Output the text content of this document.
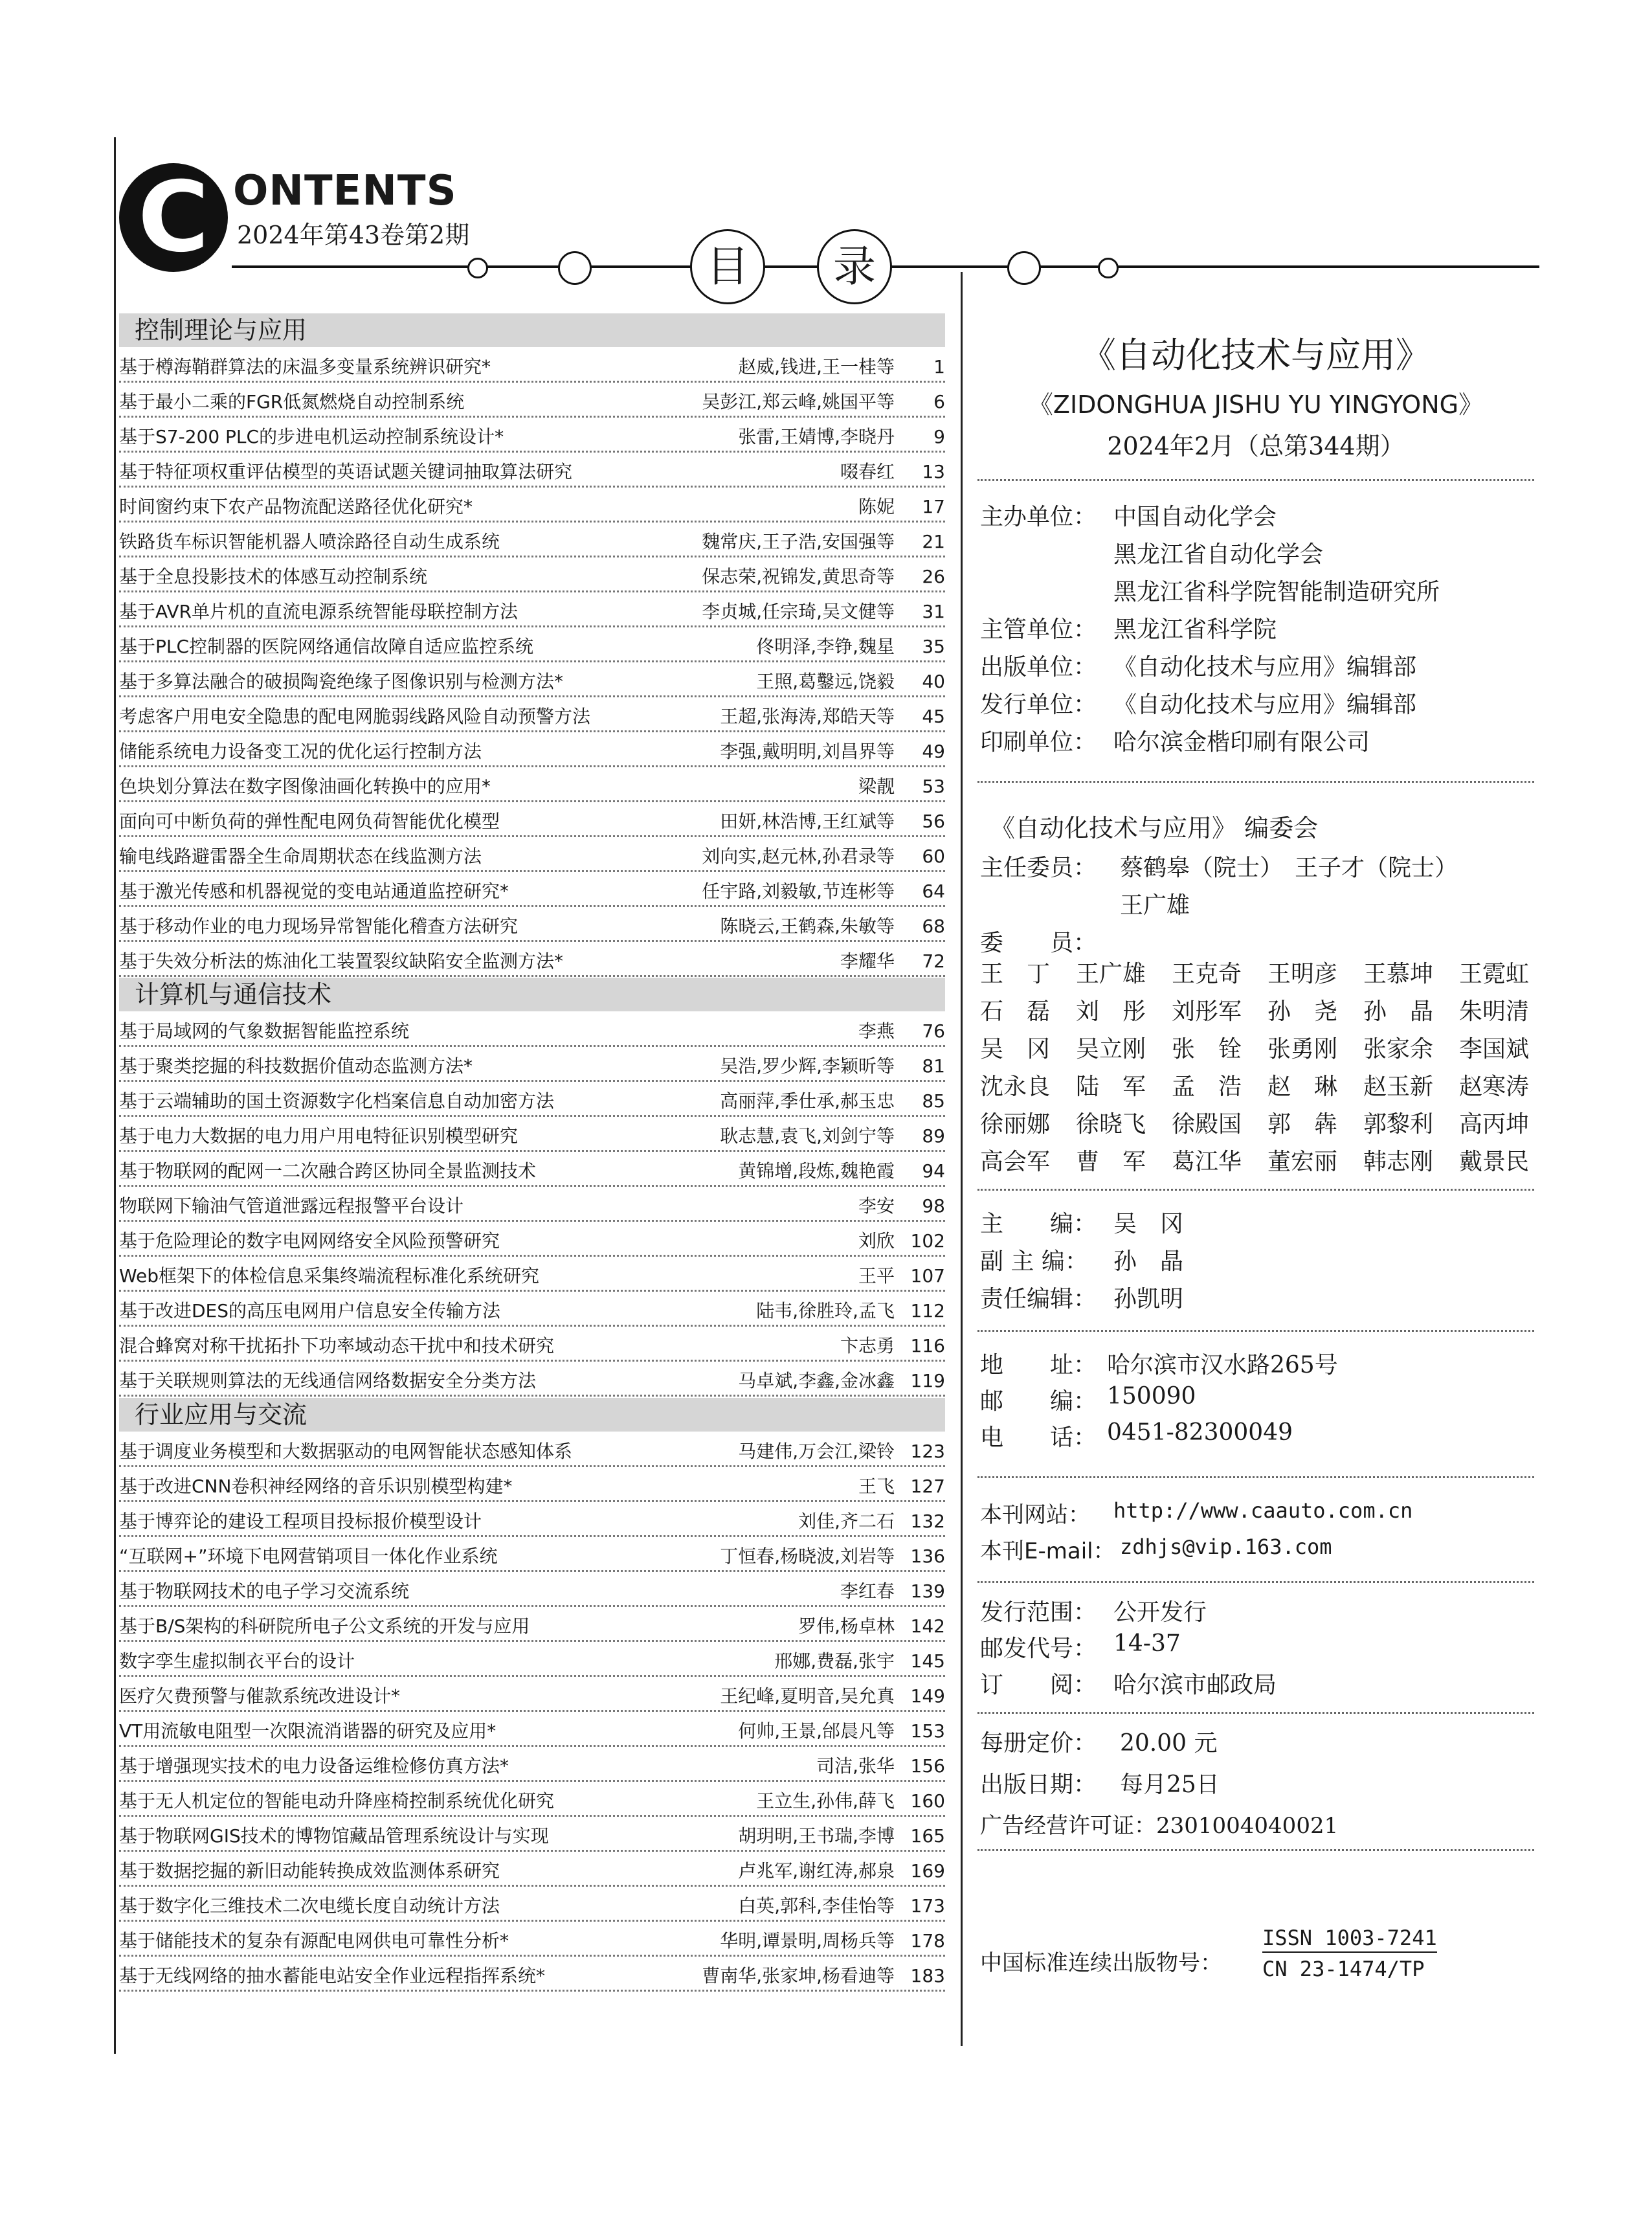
C ONTENTS
2024年第43卷第2期
目	录
控制理论与应用
基于樽海鞘群算法的床温多变量系统辨识研究*	赵威,钱进,王一桂等	1
基于最小二乘的FGR低氮燃烧自动控制系统	吴彭江,郑云峰,姚国平等	6
基于S7-200 PLC的步进电机运动控制系统设计*	张雷,王婧博,李晓丹	9
基于特征项权重评估模型的英语试题关键词抽取算法研究	啜春红	13
时间窗约束下农产品物流配送路径优化研究*	陈妮	17
铁路货车标识智能机器人喷涂路径自动生成系统	魏常庆,王子浩,安国强等	21
基于全息投影技术的体感互动控制系统	保志荣,祝锦发,黄思奇等	26
基于AVR单片机的直流电源系统智能母联控制方法	李贞城,任宗琦,吴文健等	31
基于PLC控制器的医院网络通信故障自适应监控系统	佟明泽,李铮,魏星	35
基于多算法融合的破损陶瓷绝缘子图像识别与检测方法*	王照,葛鑿远,饶毅	40
考虑客户用电安全隐患的配电网脆弱线路风险自动预警方法	王超,张海涛,郑皓天等	45
储能系统电力设备变工况的优化运行控制方法	李强,戴明明,刘昌界等	49
色块划分算法在数字图像油画化转换中的应用*	梁靓	53
面向可中断负荷的弹性配电网负荷智能优化模型	田妍,林浩博,王红斌等	56
输电线路避雷器全生命周期状态在线监测方法	刘向实,赵元林,孙君录等	60
基于激光传感和机器视觉的变电站通道监控研究*	任宇路,刘毅敏,节连彬等	64
基于移动作业的电力现场异常智能化稽查方法研究	陈晓云,王鹤森,朱敏等	68
基于失效分析法的炼油化工装置裂纹缺陷安全监测方法*	李耀华	72
计算机与通信技术
基于局域网的气象数据智能监控系统	李燕	76
基于聚类挖掘的科技数据价值动态监测方法*	吴浩,罗少辉,李颖昕等	81
基于云端辅助的国土资源数字化档案信息自动加密方法	高丽萍,季仕承,郝玉忠	85
基于电力大数据的电力用户用电特征识别模型研究	耿志慧,袁飞,刘剑宁等	89
基于物联网的配网一二次融合跨区协同全景监测技术	黄锦增,段炼,魏艳霞	94
物联网下输油气管道泄露远程报警平台设计	李安	98
基于危险理论的数字电网网络安全风险预警研究	刘欣 102
Web框架下的体检信息采集终端流程标准化系统研究	王平 107
基于改进DES的高压电网用户信息安全传输方法	陆韦,徐胜玲,孟飞 112
混合蜂窝对称干扰拓扑下功率域动态干扰中和技术研究	卞志勇 116
基于关联规则算法的无线通信网络数据安全分类方法	马卓斌,李鑫,金冰鑫 119
行业应用与交流
基于调度业务模型和大数据驱动的电网智能状态感知体系	马建伟,万会江,梁铃 123
基于改进CNN卷积神经网络的音乐识别模型构建*	王飞 127
基于博弈论的建设工程项目投标报价模型设计	刘佳,齐二石 132
“互联网+”环境下电网营销项目一体化作业系统	丁恒春,杨晓波,刘岩等 136
基于物联网技术的电子学习交流系统	李红春 139
基于B/S架构的科研院所电子公文系统的开发与应用	罗伟,杨卓林 142
数字孪生虚拟制衣平台的设计	邢娜,费磊,张宇 145
医疗欠费预警与催款系统改进设计*	王纪峰,夏明音,吴允真 149
VT用流敏电阻型一次限流消谐器的研究及应用*	何帅,王景,邰晨凡等 153
基于增强现实技术的电力设备运维检修仿真方法*	司洁,张华 156
基于无人机定位的智能电动升降座椅控制系统优化研究	王立生,孙伟,薛飞 160
基于物联网GIS技术的博物馆藏品管理系统设计与实现	胡玥明,王书瑞,李博 165
基于数据挖掘的新旧动能转换成效监测体系研究	卢兆军,谢红涛,郝泉 169
基于数字化三维技术二次电缆长度自动统计方法	白英,郭科,李佳怡等 173
基于储能技术的复杂有源配电网供电可靠性分析*	华明,谭景明,周杨兵等 178
基于无线网络的抽水蓄能电站安全作业远程指挥系统*	曹南华,张家坤,杨看迪等 183
《自动化技术与应用》
《ZIDONGHUA JISHU YU YINGYONG》
2024年2月（总第344期）
主办单位： 中国自动化学会
黑龙江省自动化学会
黑龙江省科学院智能制造研究所
主管单位： 黑龙江省科学院
出版单位： 《自动化技术与应用》编辑部
发行单位： 《自动化技术与应用》编辑部
印刷单位： 哈尔滨金楷印刷有限公司
《自动化技术与应用》 编委会
主任委员： 蔡鹤皋（院士）　王子才（院士）
王广雄
委　　员：
王　丁	王广雄	王克奇	王明彦	王慕坤	王霓虹
石　磊	刘　彤	刘彤军	孙　尧	孙　晶	朱明清
吴　冈	吴立刚	张　铨	张勇刚	张家余	李国斌
沈永良	陆　军	孟　浩	赵　琳	赵玉新	赵寒涛
徐丽娜	徐晓飞	徐殿国	郭　犇	郭黎利	高丙坤
高会军	曹　军	葛江华	董宏丽	韩志刚	戴景民
主　　编： 吴　冈
副 主 编： 孙　晶
责任编辑： 孙凯明
地　　址： 哈尔滨市汉水路265号
邮　　编： 150090
电　　话： 0451-82300049
本刊网站： http://www.caauto.com.cn
本刊E-mail： zdhjs@vip.163.com
发行范围： 公开发行
邮发代号： 14-37
订　　阅： 哈尔滨市邮政局
每册定价： 20.00 元
出版日期： 每月25日
广告经营许可证：2301004040021
中国标准连续出版物号：
ISSN 1003-7241
CN 23-1474/TP
